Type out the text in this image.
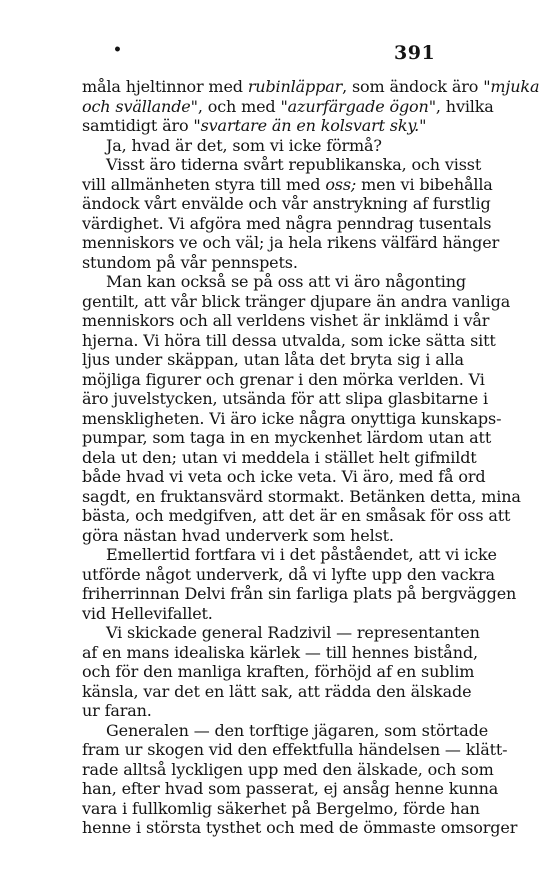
•	391
måla hjeltinnor med rubinläppar, som ändock äro "mjuka
och svällande", och med "azurfärgade ögon", hvilka
samtidigt äro "svartare än en kolsvart sky."
Ja, hvad är det, som vi icke förmå?
Visst äro tiderna svårt republikanska, och visst
vill allmänheten styra till med oss; men vi bibehålla
ändock vårt envälde och vår anstrykning af furstlig
värdighet. Vi afgöra med några penndrag tusentals
menniskors ve och väl; ja hela rikens välfärd hänger
stundom på vår pennspets.
Man kan också se på oss att vi äro någonting
gentilt, att vår blick tränger djupare än andra vanliga
menniskors och all verldens vishet är inklämd i vår
hjerna. Vi höra till dessa utvalda, som icke sätta sitt
ljus under skäppan, utan låta det bryta sig i alla
möjliga figurer och grenar i den mörka verlden. Vi
äro juvelstycken, utsända för att slipa glasbitarne i
menskligheten. Vi äro icke några onyttiga kunskaps-
pumpar, som taga in en myckenhet lärdom utan att
dela ut den; utan vi meddela i stället helt gifmildt
både hvad vi veta och icke veta. Vi äro, med få ord
sagdt, en fruktansvärd stormakt. Betänken detta, mina
bästa, och medgifven, att det är en småsak för oss att
göra nästan hvad underverk som helst.
Emellertid fortfara vi i det påståendet, att vi icke
utförde något underverk, då vi lyfte upp den vackra
friherrinnan Delvi från sin farliga plats på bergväggen
vid Hellevifallet.
Vi skickade general Radzivil — representanten
af en mans idealiska kärlek — till hennes bistånd,
och för den manliga kraften, förhöjd af en sublim
känsla, var det en lätt sak, att rädda den älskade
ur faran.
Generalen — den torftige jägaren, som störtade
fram ur skogen vid den effektfulla händelsen — klätt-
rade alltså lyckligen upp med den älskade, och som
han, efter hvad som passerat, ej ansåg henne kunna
vara i fullkomlig säkerhet på Bergelmo, förde han
henne i största tysthet och med de ömmaste omsorger
